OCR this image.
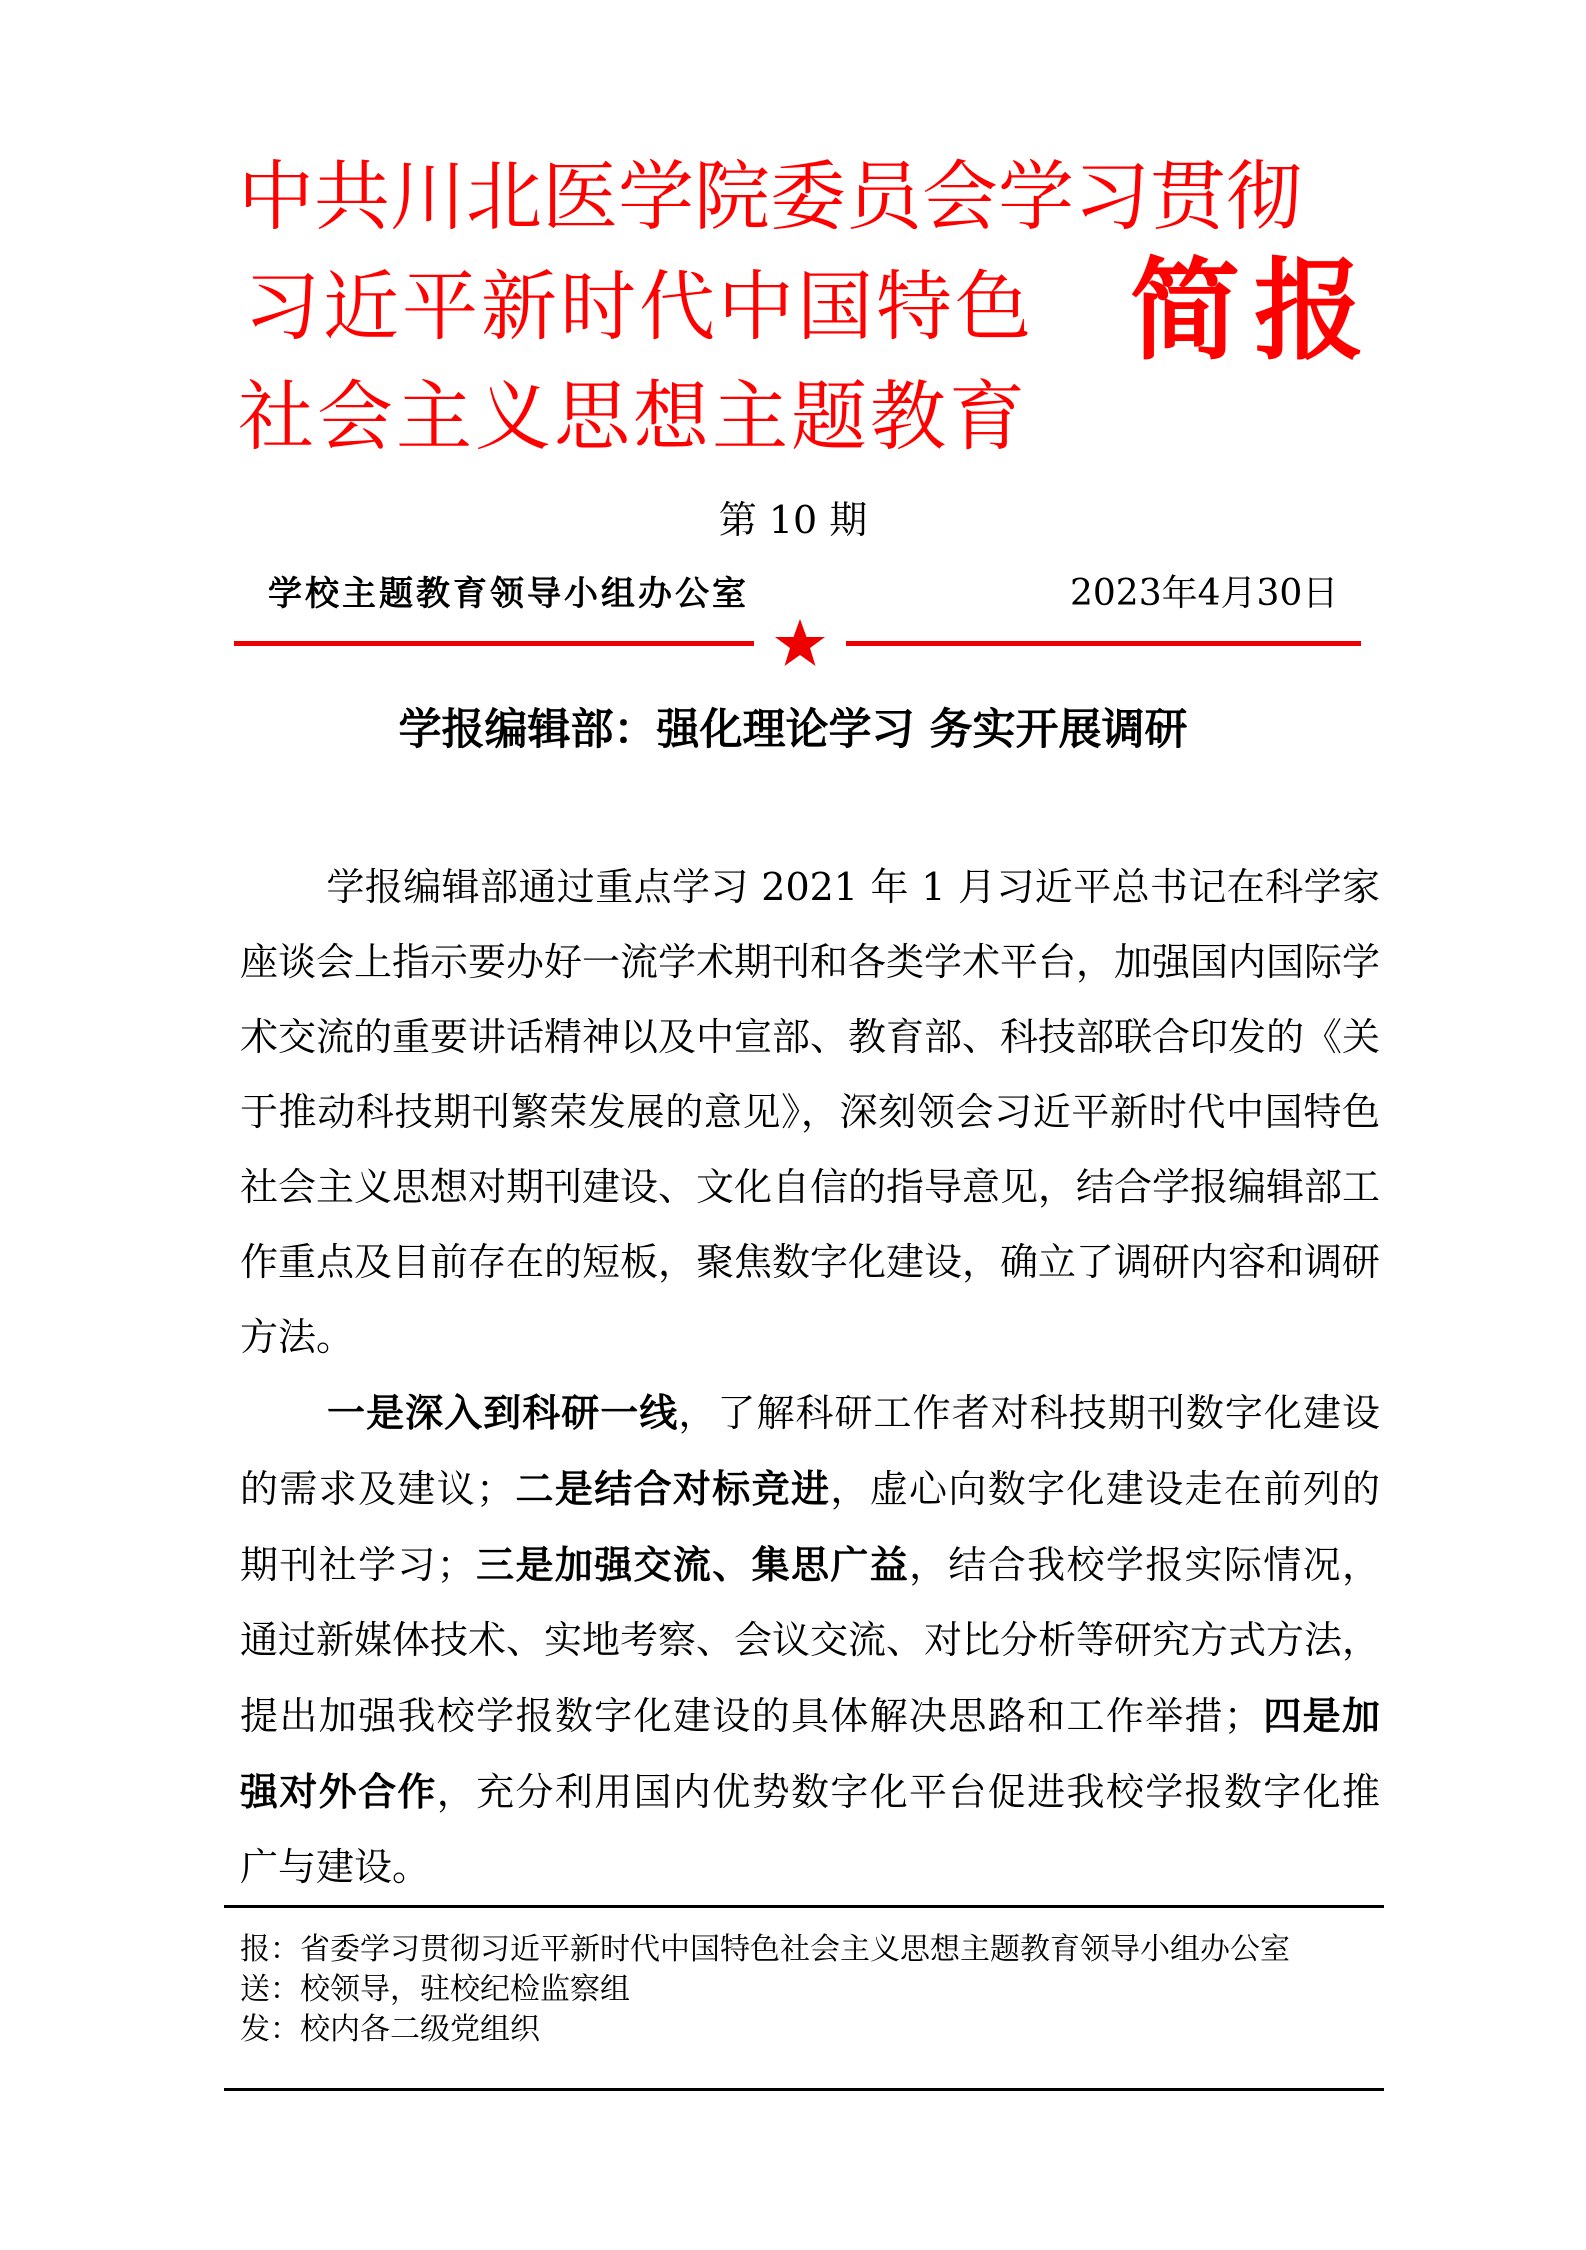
中共川北医学院委员会学习贯彻
习近平新时代中国特色
社会主义思想主题教育
简报
第 10 期
学校主题教育领导小组办公室	2023年4月30日
学报编辑部：强化理论学习 务实开展调研
学报编辑部通过重点学习 2021 年 1 月习近平总书记在科学家座谈会上指示要办好一流学术期刊和各类学术平台，加强国内国际学术交流的重要讲话精神以及中宣部、教育部、科技部联合印发的《关于推动科技期刊繁荣发展的意见》，深刻领会习近平新时代中国特色社会主义思想对期刊建设、文化自信的指导意见，结合学报编辑部工作重点及目前存在的短板，聚焦数字化建设，确立了调研内容和调研方法。
一是深入到科研一线，了解科研工作者对科技期刊数字化建设的需求及建议；二是结合对标竞进，虚心向数字化建设走在前列的期刊社学习；三是加强交流、集思广益，结合我校学报实际情况，通过新媒体技术、实地考察、会议交流、对比分析等研究方式方法，提出加强我校学报数字化建设的具体解决思路和工作举措；四是加强对外合作，充分利用国内优势数字化平台促进我校学报数字化推广与建设。
报：省委学习贯彻习近平新时代中国特色社会主义思想主题教育领导小组办公室
送：校领导，驻校纪检监察组
发：校内各二级党组织
